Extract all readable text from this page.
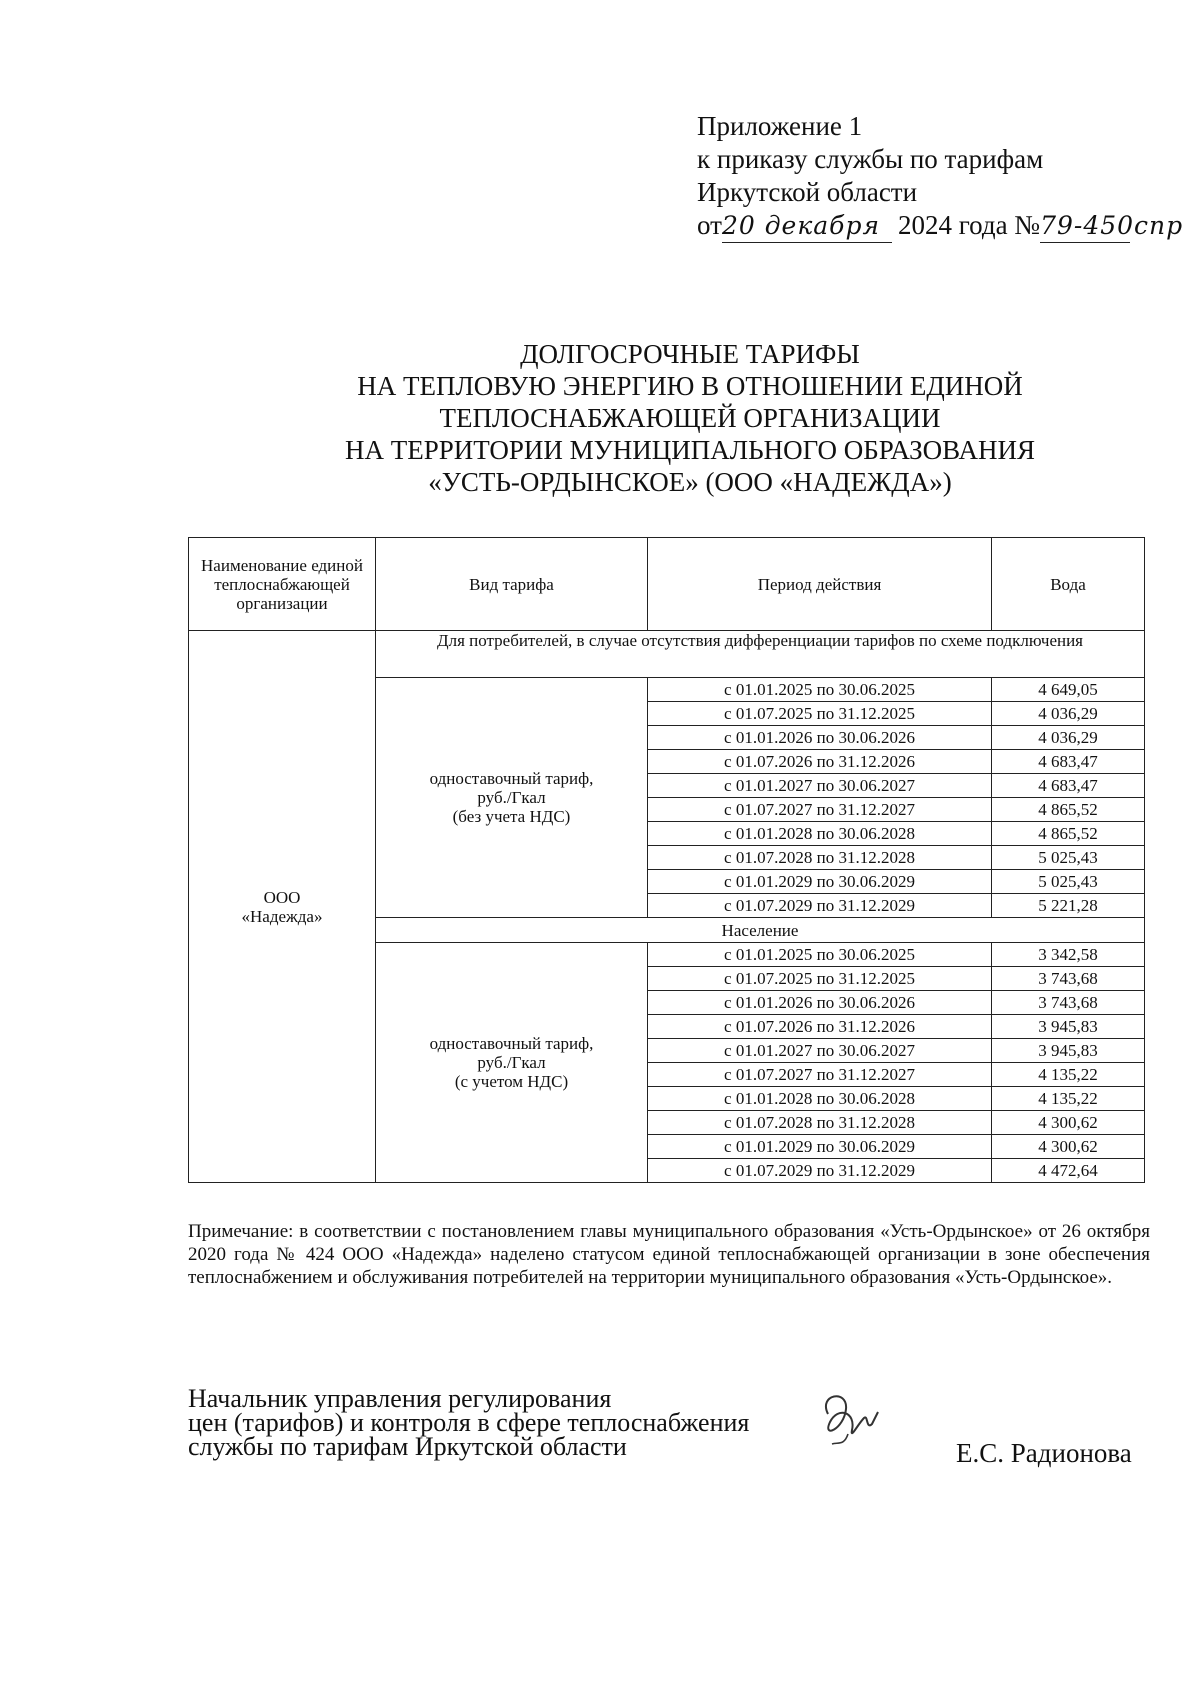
Приложение 1
к приказу службы по тарифам
Иркутской области
от20 декабря 2024 года №79-450спр
ДОЛГОСРОЧНЫЕ ТАРИФЫ
НА ТЕПЛОВУЮ ЭНЕРГИЮ В ОТНОШЕНИИ ЕДИНОЙ
ТЕПЛОСНАБЖАЮЩЕЙ ОРГАНИЗАЦИИ
НА ТЕРРИТОРИИ МУНИЦИПАЛЬНОГО ОБРАЗОВАНИЯ
«УСТЬ-ОРДЫНСКОЕ» (ООО «НАДЕЖДА»)
Наименование единой теплоснабжающей организации	Вид тарифа	Период действия	Вода

ООО
«Надежда»	Для потребителей, в случае отсутствия дифференциации тарифов по схеме подключения		

	одноставочный тариф,
руб./Гкал
(без учета НДС)	с 01.01.2025 по 30.06.2025	4 649,05
		с 01.07.2025 по 31.12.2025	4 036,29
		с 01.01.2026 по 30.06.2026	4 036,29
		с 01.07.2026 по 31.12.2026	4 683,47
		с 01.01.2027 по 30.06.2027	4 683,47
		с 01.07.2027 по 31.12.2027	4 865,52
		с 01.01.2028 по 30.06.2028	4 865,52
		с 01.07.2028 по 31.12.2028	5 025,43
		с 01.01.2029 по 30.06.2029	5 025,43
		с 01.07.2029 по 31.12.2029	5 221,28
	Население		

	одноставочный тариф,
руб./Гкал
(с учетом НДС)	с 01.01.2025 по 30.06.2025	3 342,58
		с 01.07.2025 по 31.12.2025	3 743,68
		с 01.01.2026 по 30.06.2026	3 743,68
		с 01.07.2026 по 31.12.2026	3 945,83
		с 01.01.2027 по 30.06.2027	3 945,83
		с 01.07.2027 по 31.12.2027	4 135,22
		с 01.01.2028 по 30.06.2028	4 135,22
		с 01.07.2028 по 31.12.2028	4 300,62
		с 01.01.2029 по 30.06.2029	4 300,62
		с 01.07.2029 по 31.12.2029	4 472,64
Примечание: в соответствии с постановлением главы муниципального образования «Усть-Ордынское» от 26 октября 2020 года № 424 ООО «Надежда» наделено статусом единой теплоснабжающей организации в зоне обеспечения теплоснабжением и обслуживания потребителей на территории муниципального образования «Усть-Ордынское».
Начальник управления регулирования
цен (тарифов) и контроля в сфере теплоснабжения
службы по тарифам Иркутской области	Е.С. Радионова
